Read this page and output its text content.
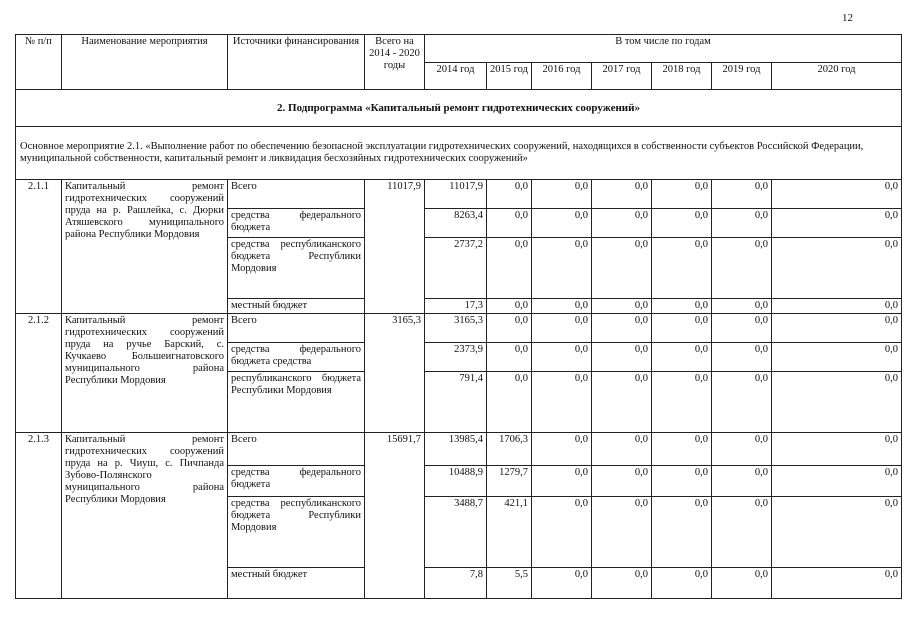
12
№ п/п	Наименование мероприятия	Источники финансирования	Всего на 2014 - 2020 годы	В том числе по годам						
				2014 год	2015 год	2016 год	2017 год	2018 год	2019 год	2020 год
2. Подпрограмма «Капитальный ремонт гидротехнических сооружений»										
Основное мероприятие 2.1. «Выполнение работ по обеспечению безопасной эксплуатации гидротехнических сооружений, находящихся в собственности субъектов Российской Федерации, муниципальной собственности, капитальный ремонт и ликвидация бесхозяйных гидротехнических сооружений»										
2.1.1	Капитальный ремонт гидротехнических сооружений пруда на р. Рашлейка, с. Дюрки Атяшевского муниципального района Республики Мордовия	Всего	11017,9	11017,9	0,0	0,0	0,0	0,0	0,0	0,0
		средства федерального бюджета		8263,4	0,0	0,0	0,0	0,0	0,0	0,0
		средства республиканского бюджета Республики Мордовия		2737,2	0,0	0,0	0,0	0,0	0,0	0,0
		местный бюджет		17,3	0,0	0,0	0,0	0,0	0,0	0,0
2.1.2	Капитальный ремонт гидротехнических сооружений пруда на ручье Барский, с. Кучкаево Большеигнатовского муниципального района Республики Мордовия	Всего	3165,3	3165,3	0,0	0,0	0,0	0,0	0,0	0,0
		средства федерального бюджета средства		2373,9	0,0	0,0	0,0	0,0	0,0	0,0
		республиканского бюджета Республики Мордовия		791,4	0,0	0,0	0,0	0,0	0,0	0,0
2.1.3	Капитальный ремонт гидротехнических сооружений пруда на р. Чиуш, с. Пичпанда Зубово-Полянского муниципального района Республики Мордовия	Всего	15691,7	13985,4	1706,3	0,0	0,0	0,0	0,0	0,0
		средства федерального бюджета		10488,9	1279,7	0,0	0,0	0,0	0,0	0,0
		средства республиканского бюджета Республики Мордовия		3488,7	421,1	0,0	0,0	0,0	0,0	0,0
		местный бюджет		7,8	5,5	0,0	0,0	0,0	0,0	0,0
